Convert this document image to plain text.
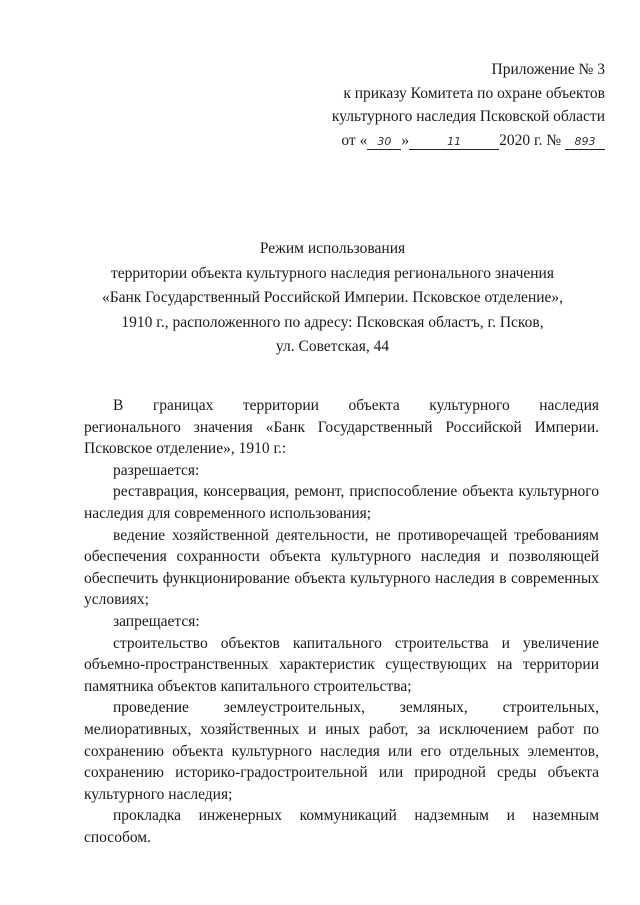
Приложение № 3
к приказу Комитета по охране объектов
культурного наследия Псковской области
от « 30 »	11 2020 г. № 893
Режим использования
территории объекта культурного наследия регионального значения
«Банк Государственный Российской Империи. Псковское отделение»,
1910 г., расположенного по адресу: Псковская областъ, г. Псков,
ул. Советская, 44

В границах территории объекта культурного наследия

регионального значения «Банк Государственный Российской Империи. Псковское отделение», 1910 г.:

разрешается:

реставрация, консервация, ремонт, приспособление объекта культурного наследия для современного использования;

ведение хозяйственной деятельности, не противоречащей требованиям обеспечения сохранности объекта культурного наследия и позволяющей обеспечить функционирование объекта культурного наследия в современных условиях;

запрещается:

строительство объектов капитального строительства и увеличение объемно-пространственных характеристик существующих на территории памятника объектов капитального строительства;

проведение землеустроительных, земляных, строительных, мелиоративных, хозяйственных и иных работ, за исключением работ по сохранению объекта культурного наследия или его отдельных элементов, сохранению историко-градостроительной или природной среды объекта культурного наследия;

прокладка инженерных коммуникаций надземным и наземным способом.
